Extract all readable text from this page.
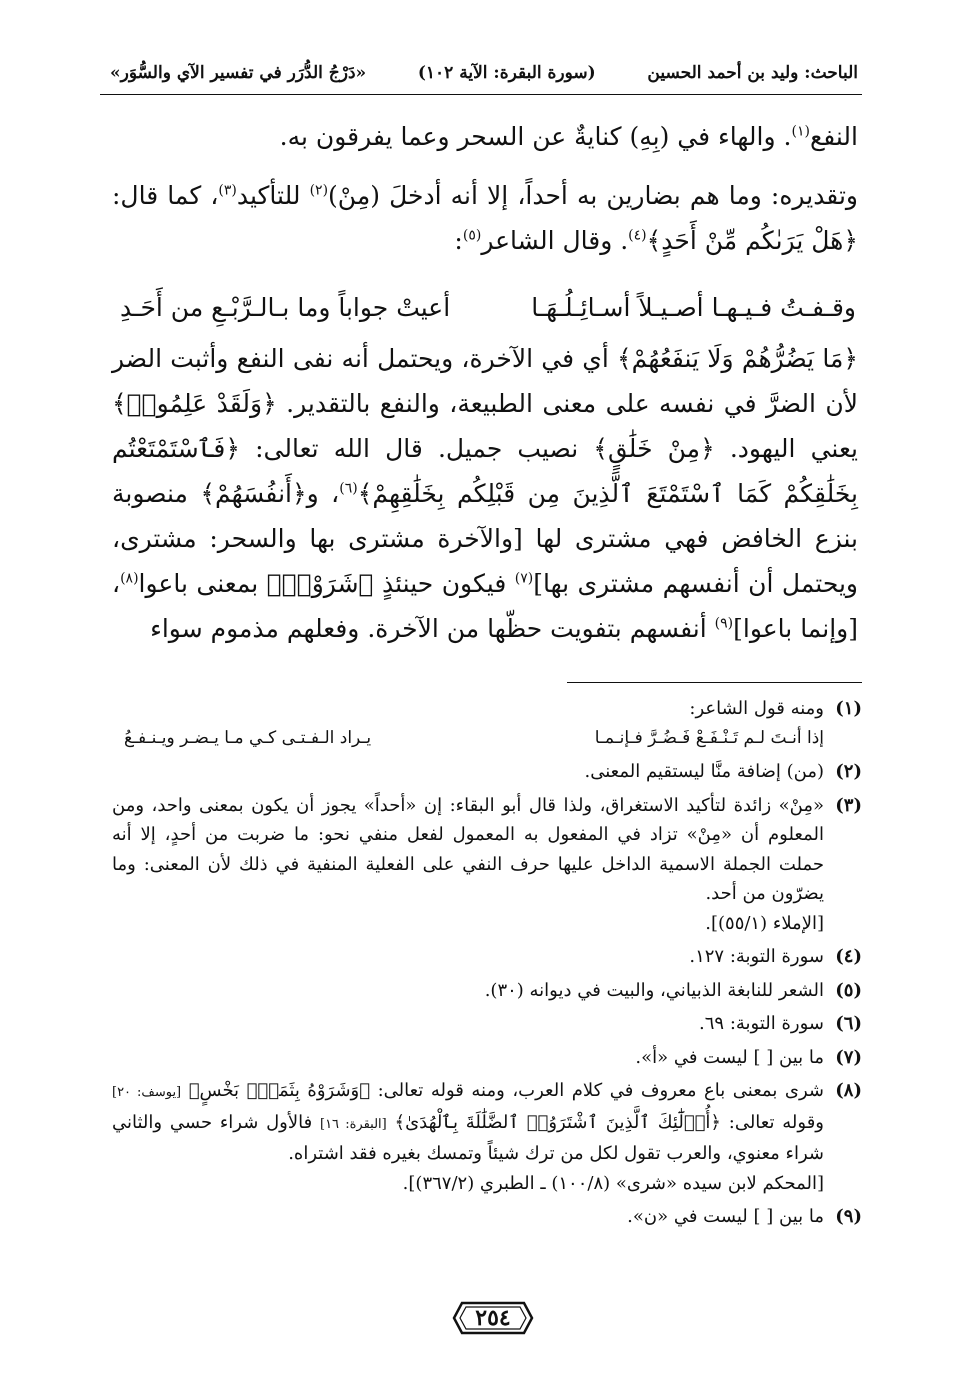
الباحث: وليد بن أحمد الحسين
(سورة البقرة: الآية ١٠٢)
«دَرْجُ الدُّرَر في تفسير الآي والسُّوَر»

النفع$^{(١)}$. والهاء في (بِهِ) كنايةٌ عن السحر وعما يفرقون به.

وتقديره: وما هم بضارين به أحداً، إلا أنه أدخلَ (مِنْ)$^{(٢)}$ للتأكيد$^{(٣)}$، كما قال: ﴿هَلْ يَرَىٰكُم مِّنْ أَحَدٍ﴾$^{(٤)}$. وقال الشاعر$^{(٥)}$:

وقـفـتُ فـيـهـا أصـيـلاً أسـائِـلُـهَـا
أعيتْ جواباً وما بـالـرَّبْـعِ من أَحَـدِ

﴿مَا يَضُرُّهُمْ وَلَا يَنفَعُهُمْ﴾ أي في الآخرة، ويحتمل أنه نفى النفع وأثبت الضر لأن الضرَّ في نفسه على معنى الطبيعة، والنفع بالتقدير. ﴿وَلَقَدْ عَلِمُوا۟﴾ يعني اليهود. ﴿مِنْ خَلَٰقٍ﴾ نصيب جميل. قال الله تعالى: ﴿فَٱسْتَمْتَعْتُم بِخَلَٰقِكُمْ كَمَا ٱسْتَمْتَعَ ٱلَّذِينَ مِن قَبْلِكُم بِخَلَٰقِهِمْ﴾$^{(٦)}$، و﴿أَنفُسَهُمْ﴾ منصوبة بنزع الخافض فهي مشترى لها [والآخرة مشترى بها والسحر: مشترى، ويحتمل أن أنفسهم مشترى بها]$^{(٧)}$ فيكون حينئذٍ ﴿شَرَوْا۟﴾ بمعنى باعوا$^{(٨)}$، [وإنما باعوا]$^{(٩)}$ أنفسهم بتفويت حظّها من الآخرة. وفعلهم مذموم سواء

(١)

ومنه قول الشاعر:

إذا أنـتَ لـم تَـنْـفَـعْ فَـضُـرَّ فـإنـمـا
يـراد الـفـتـى كـي مـا يـضـر ويـنـفـعُ
(٢)
(من) إضافة منَّا ليستقيم المعنى.
(٣)

«مِنْ» زائدة لتأكيد الاستغراق، ولذا قال أبو البقاء: إن «أحداً» يجوز أن يكون بمعنى واحد، ومن المعلوم أن «مِنْ» تزاد في المفعول به المعمول لفعل منفي نحو: ما ضربت من أحدٍ، إلا أنه حملت الجملة الاسمية الداخل عليها حرف النفي على الفعلية المنفية في ذلك لأن المعنى: وما يضرّون من أحد.

[الإملاء (٥٥/١)].

(٤)
سورة التوبة: ١٢٧.
(٥)
الشعر للنابغة الذبياني، والبيت في ديوانه (٣٠).
(٦)
سورة التوبة: ٦٩.
(٧)
ما بين [ ] ليست في «أ».
(٨)

شرى بمعنى باع معروف في كلام العرب، ومنه قوله تعالى: ﴿وَشَرَوْهُ بِثَمَنٍۭ بَخْسٍ﴾ [يوسف: ٢٠] وقوله تعالى: ﴿أُو۟لَٰٓئِكَ ٱلَّذِينَ ٱشْتَرَوُا۟ ٱلضَّلَٰلَةَ بِٱلْهُدَىٰ﴾ [البقرة: ١٦] فالأول شراء حسي والثاني شراء معنوي، والعرب تقول لكل من ترك شيئاً وتمسك بغيره فقد اشتراه.

[المحكم لابن سيده «شرى» (١٠٠/٨) ـ الطبري (٣٦٧/٢)].

(٩)
ما بين [ ] ليست في «ن».
٢٥٤
